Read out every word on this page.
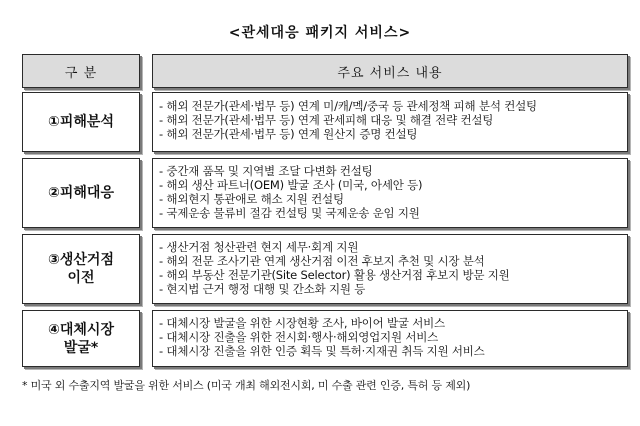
<관세대응 패키지 서비스>
구 분	주요 서비스 내용
①피해분석
- 해외 전문가(관세·법무 등) 연계 미/캐/멕/중국 등 관세정책 피해 분석 컨설팅
- 해외 전문가(관세·법무 등) 연계 관세피해 대응 및 해결 전략 컨설팅
- 해외 전문가(관세·법무 등) 연계 원산지 증명 컨설팅
②피해대응
- 중간재 품목 및 지역별 조달 다변화 컨설팅
- 해외 생산 파트너(OEM) 발굴 조사 (미국, 아세안 등)
- 해외현지 통관애로 해소 지원 컨설팅
- 국제운송 물류비 절감 컨설팅 및 국제운송 운임 지원
③생산거점
이전
- 생산거점 청산관련 현지 세무·회계 지원
- 해외 전문 조사기관 연계 생산거점 이전 후보지 추천 및 시장 분석
- 해외 부동산 전문기관(Site Selector) 활용 생산거점 후보지 방문 지원
- 현지법 근거 행정 대행 및 간소화 지원 등
④대체시장
발굴*
- 대체시장 발굴을 위한 시장현황 조사, 바이어 발굴 서비스
- 대체시장 진출을 위한 전시회·행사·해외영업지원 서비스
- 대체시장 진출을 위한 인증 획득 및 특허·지재권 취득 지원 서비스
* 미국 외 수출지역 발굴을 위한 서비스 (미국 개최 해외전시회, 미 수출 관련 인증, 특허 등 제외)
